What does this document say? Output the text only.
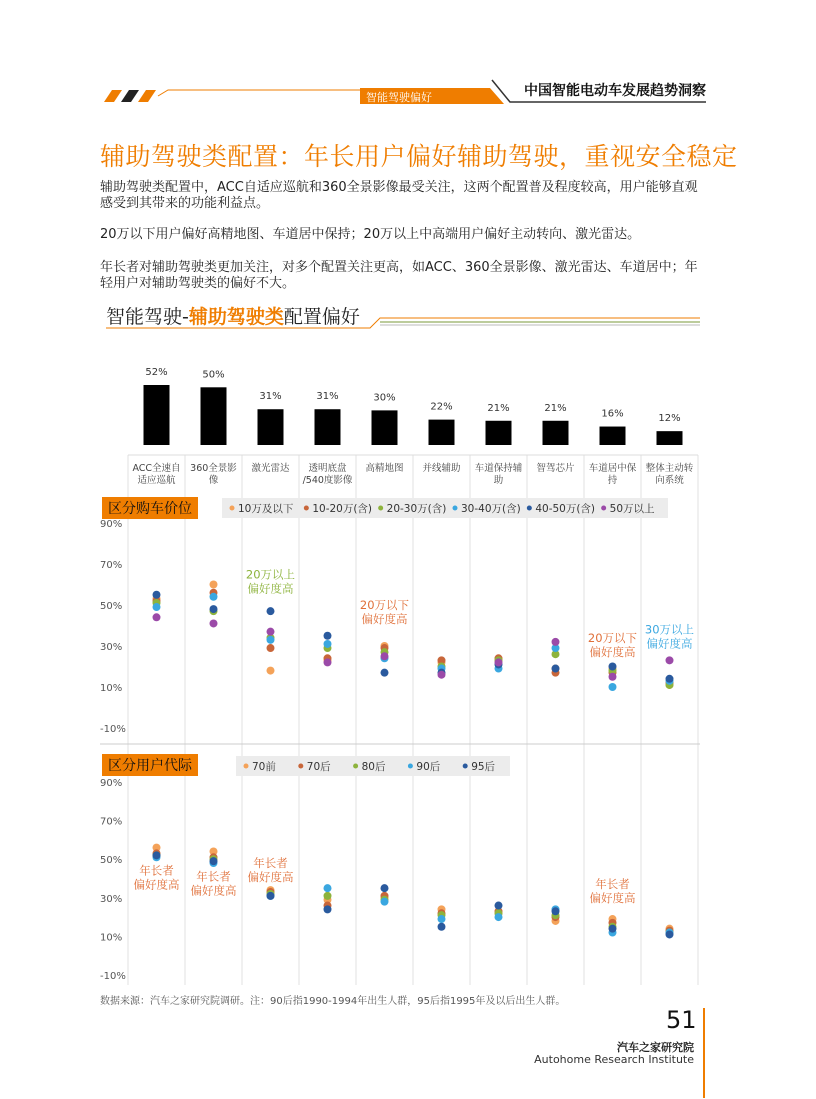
智能驾驶偏好	中国智能电动车发展趋势洞察
辅助驾驶类配置：年长用户偏好辅助驾驶，重视安全稳定
辅助驾驶类配置中，ACC自适应巡航和360全景影像最受关注，这两个配置普及程度较高，用户能够直观感受到其带来的功能利益点。
20万以下用户偏好高精地图、车道居中保持；20万以上中高端用户偏好主动转向、激光雷达。
年长者对辅助驾驶类更加关注，对多个配置关注更高，如ACC、360全景影像、激光雷达、车道居中；年轻用户对辅助驾驶类的偏好不大。
智能驾驶-辅助驾驶类配置偏好
52%	50%
31%	31%	30%
22%	21%	21%
16%	12%
ACC全速自
适应巡航
360全景影
像
激光雷达 透明底盘
/540度影像
高精地图 并线辅助 车道保持辅
助
智驾芯片 车道居中保
持
整体主动转
向系统
区分购车价位	10万及以下 10-20万(含) 20-30万(含) 30-40万(含) 40-50万(含) 50万以上
90%
70%
50%
30%
10%
-10%
20万以上
偏好度高
20万以下
偏好度高
20万以下
偏好度高
30万以上
偏好度高
区分用户代际	70前	70后	80后	90后	95后
90%
70%
50%
30%
10%
-10%
年长者
偏好度高
年长者
偏好度高
年长者
偏好度高
年长者
偏好度高
数据来源：汽车之家研究院调研。注：90后指1990-1994年出生人群，95后指1995年及以后出生人群。
51
汽车之家研究院
Autohome Research Institute
